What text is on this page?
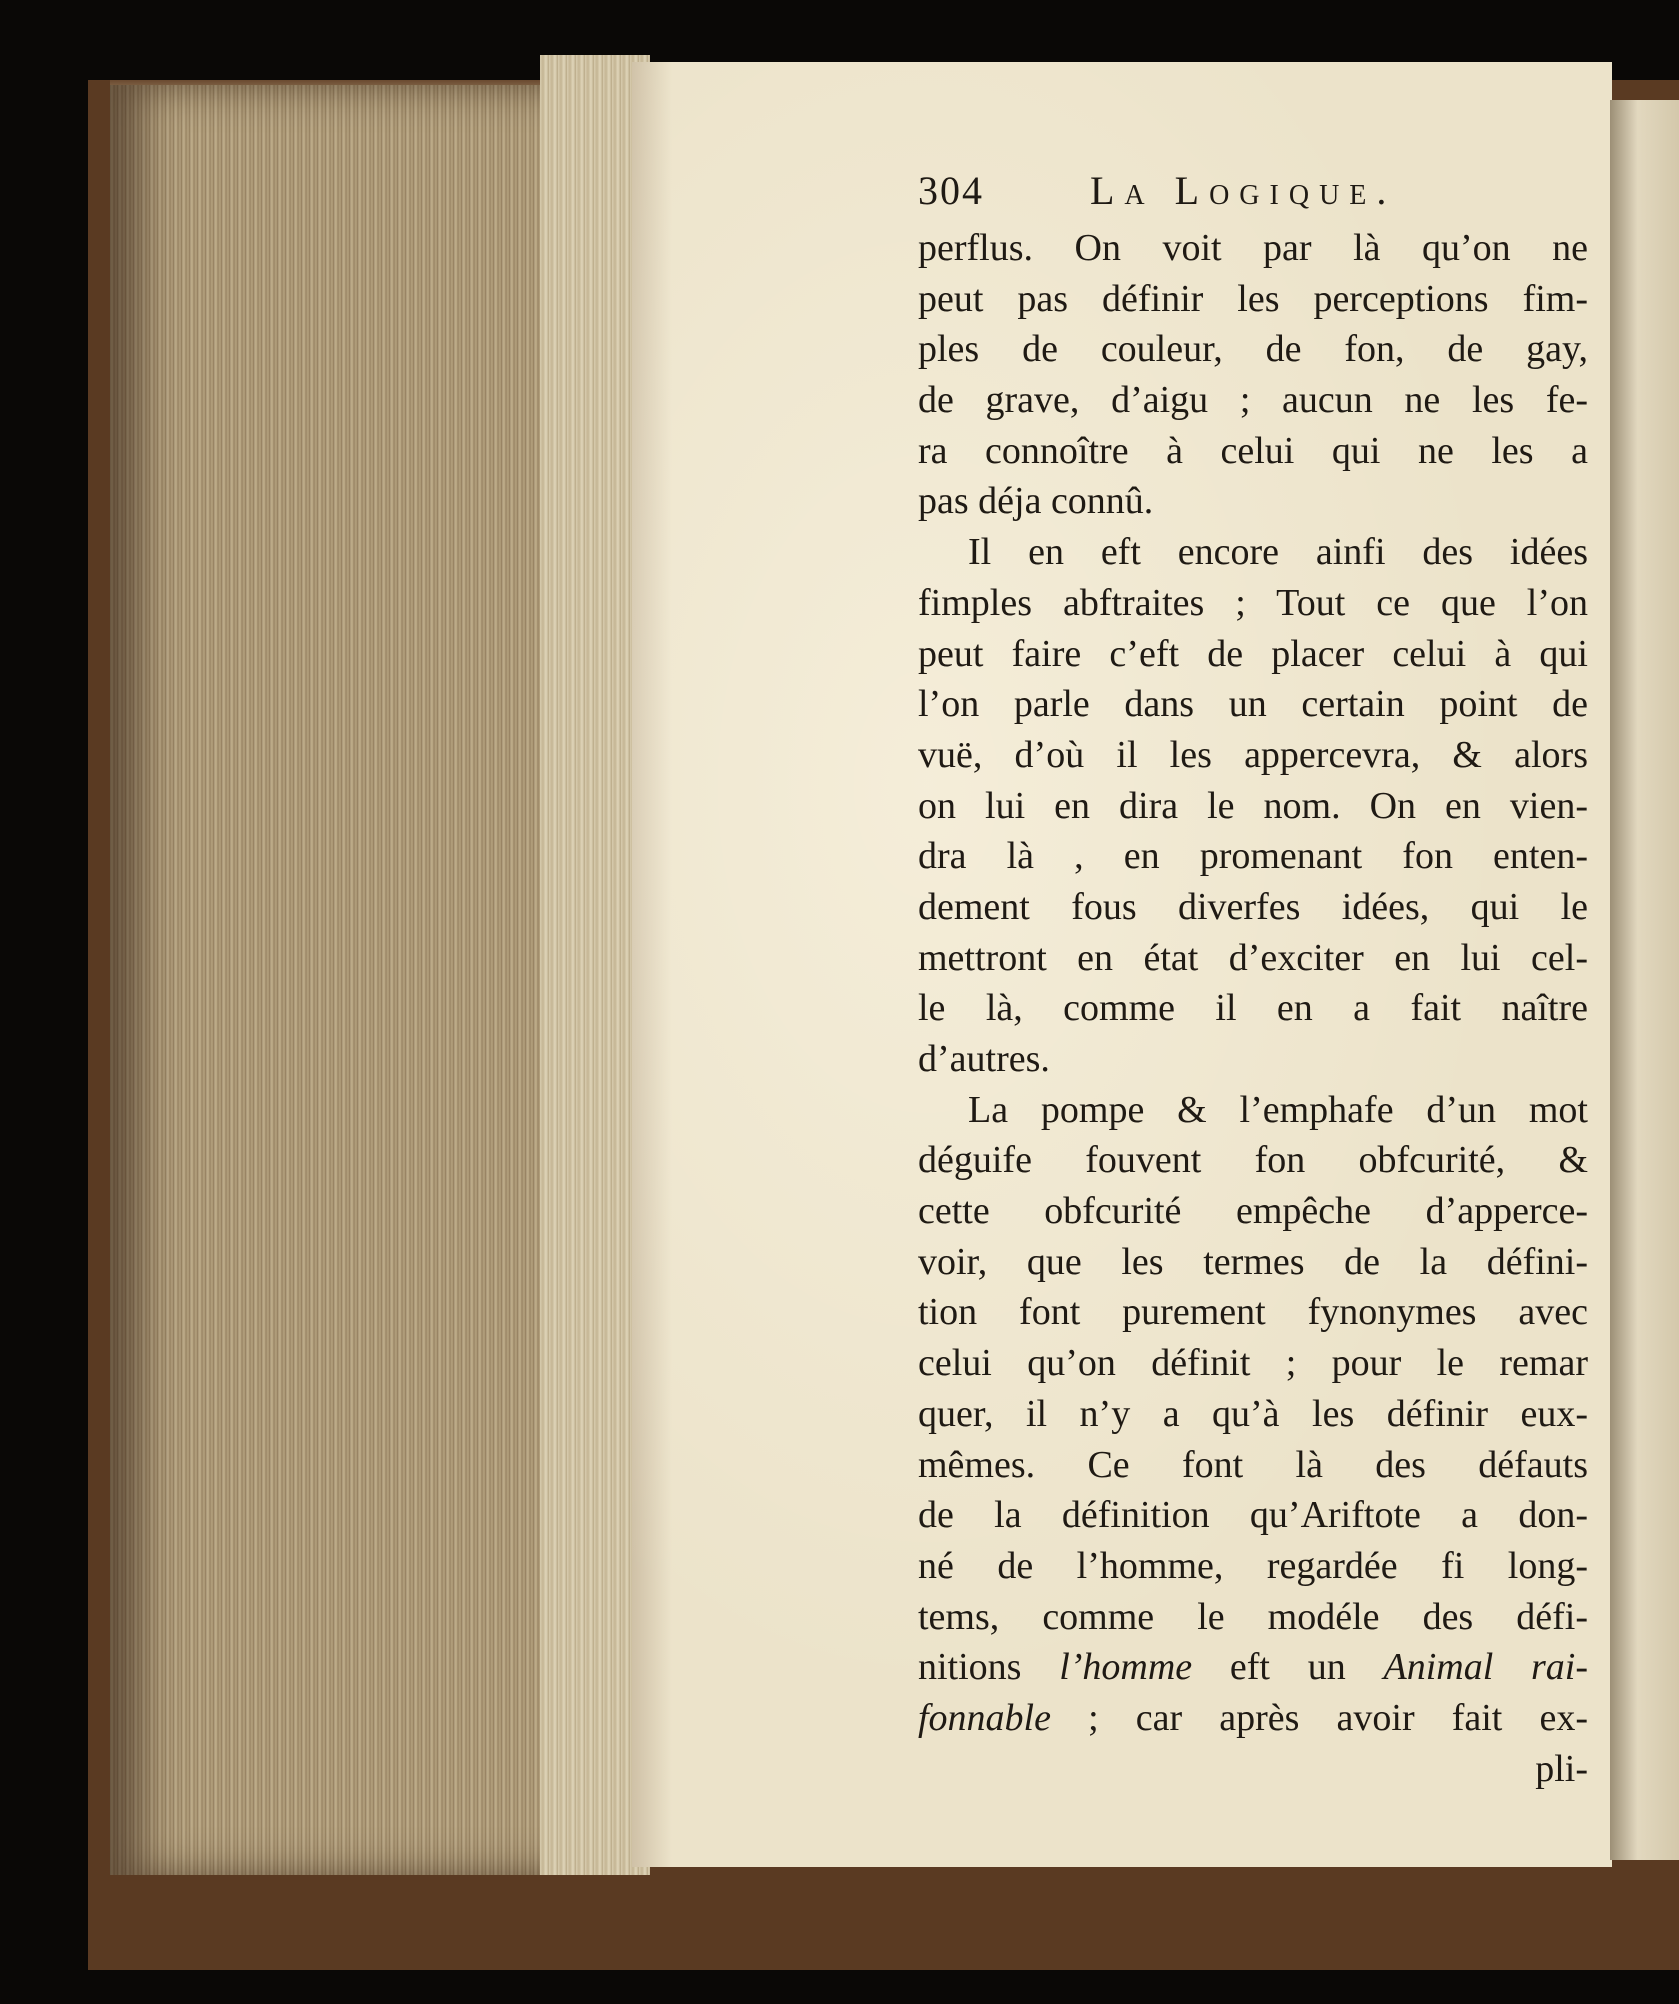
304	La Logique.
perflus. On voit par là qu’on ne
peut pas définir les perceptions fim-
ples de couleur, de fon, de gay,
de grave, d’aigu ; aucun ne les fe-
ra connoître à celui qui ne les a
pas déja connû.
Il en eft encore ainfi des idées
fimples abftraites ; Tout ce que l’on
peut faire c’eft de placer celui à qui
l’on parle dans un certain point de
vuë, d’où il les appercevra, & alors
on lui en dira le nom. On en vien-
dra là , en promenant fon enten-
dement fous diverfes idées, qui le
mettront en état d’exciter en lui cel-
le là, comme il en a fait naître
d’autres.
La pompe & l’emphafe d’un mot
déguife fouvent fon obfcurité, &
cette obfcurité empêche d’apperce-
voir, que les termes de la défini-
tion font purement fynonymes avec
celui qu’on définit ; pour le remar
quer, il n’y a qu’à les définir eux-
mêmes. Ce font là des défauts
de la définition qu’Ariftote a don-
né de l’homme, regardée fi long-
tems, comme le modéle des défi-
nitions l’homme eft un Animal rai-
fonnable ; car après avoir fait ex-
pli-
